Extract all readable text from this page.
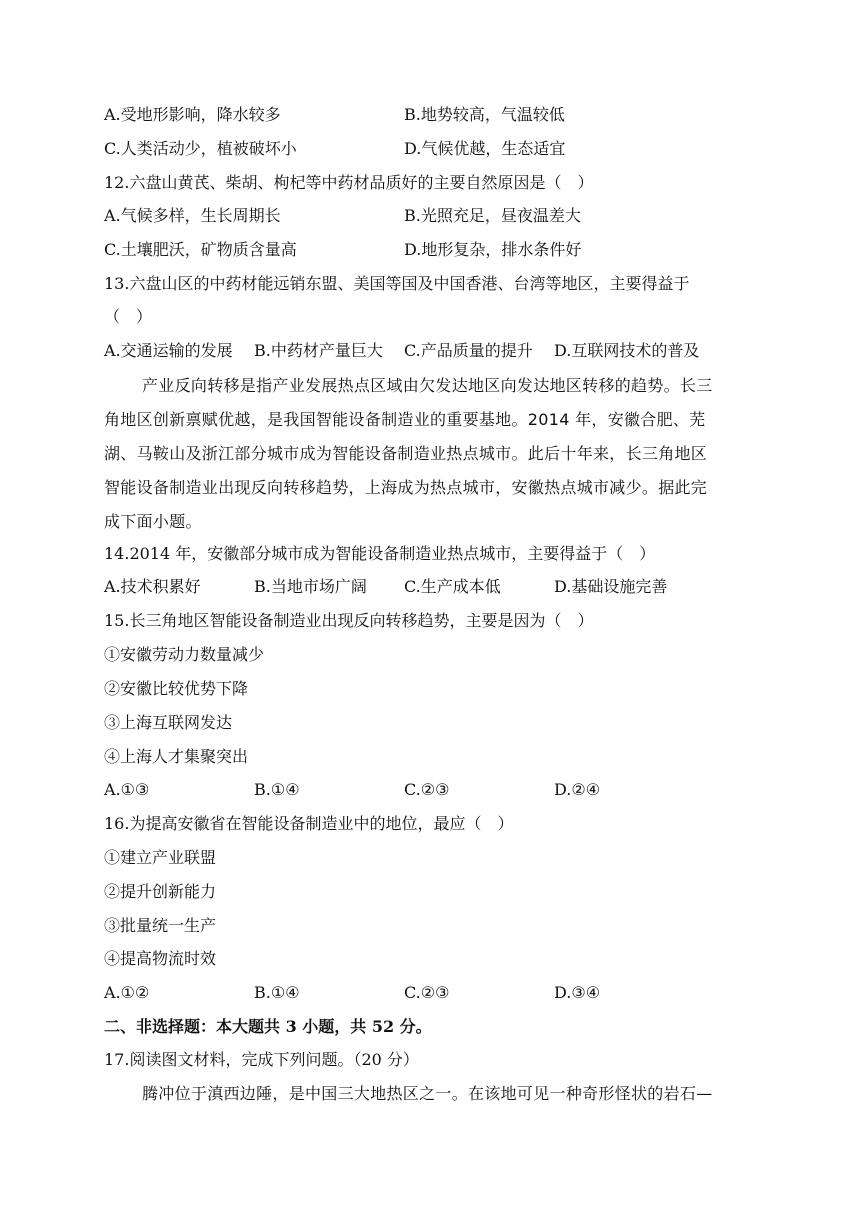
A.受地形影响，降水较多	B.地势较高，气温较低
C.人类活动少，植被破坏小	D.气候优越，生态适宜
12.六盘山黄芪、柴胡、枸杞等中药材品质好的主要自然原因是（　）
A.气候多样，生长周期长	B.光照充足，昼夜温差大
C.土壤肥沃，矿物质含量高	D.地形复杂，排水条件好
13.六盘山区的中药材能远销东盟、美国等国及中国香港、台湾等地区，主要得益于
（　）
A.交通运输的发展 B.中药材产量巨大 C.产品质量的提升 D.互联网技术的普及

产业反向转移是指产业发展热点区域由欠发达地区向发达地区转移的趋势。长三

角地区创新禀赋优越，是我国智能设备制造业的重要基地。2014 年，安徽合肥、芜

湖、马鞍山及浙江部分城市成为智能设备制造业热点城市。此后十年来，长三角地区

智能设备制造业出现反向转移趋势，上海成为热点城市，安徽热点城市减少。据此完

成下面小题。

14.2014 年，安徽部分城市成为智能设备制造业热点城市，主要得益于（　）
A.技术积累好	B.当地市场广阔 C.生产成本低	D.基础设施完善
15.长三角地区智能设备制造业出现反向转移趋势，主要是因为（　）
①安徽劳动力数量减少
②安徽比较优势下降
③上海互联网发达
④上海人才集聚突出
A.①③	B.①④	C.②③	D.②④
16.为提高安徽省在智能设备制造业中的地位，最应（　）
①建立产业联盟
②提升创新能力
③批量统一生产
④提高物流时效
A.①②	B.①④	C.②③	D.③④
二、非选择题：本大题共 3 小题，共 52 分。
17.阅读图文材料，完成下列问题。（20 分）

腾冲位于滇西边陲，是中国三大地热区之一。在该地可见一种奇形怪状的岩石—
